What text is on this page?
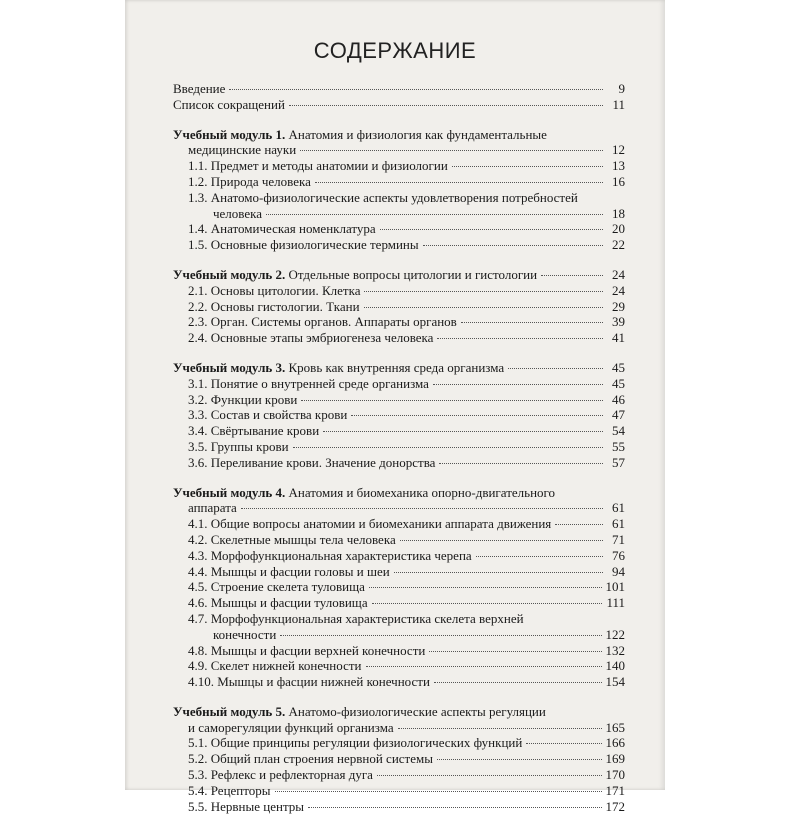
СОДЕРЖАНИЕ
Введение	9
Список сокращений	11
Учебный модуль 1. Анатомия и физиология как фундаментальные
медицинские науки	12
1.1. Предмет и методы анатомии и физиологии	13
1.2. Природа человека	16
1.3. Анатомо-физиологические аспекты удовлетворения потребностей
человека	18
1.4. Анатомическая номенклатура	20
1.5. Основные физиологические термины	22
Учебный модуль 2. Отдельные вопросы цитологии и гистологии	24
2.1. Основы цитологии. Клетка	24
2.2. Основы гистологии. Ткани	29
2.3. Орган. Системы органов. Аппараты органов	39
2.4. Основные этапы эмбриогенеза человека	41
Учебный модуль 3. Кровь как внутренняя среда организма	45
3.1. Понятие о внутренней среде организма	45
3.2. Функции крови	46
3.3. Состав и свойства крови	47
3.4. Свёртывание крови	54
3.5. Группы крови	55
3.6. Переливание крови. Значение донорства	57
Учебный модуль 4. Анатомия и биомеханика опорно-двигательного
аппарата	61
4.1. Общие вопросы анатомии и биомеханики аппарата движения	61
4.2. Скелетные мышцы тела человека	71
4.3. Морфофункциональная характеристика черепа	76
4.4. Мышцы и фасции головы и шеи	94
4.5. Строение скелета туловища	101
4.6. Мышцы и фасции туловища	111
4.7. Морфофункциональная характеристика скелета верхней
конечности	122
4.8. Мышцы и фасции верхней конечности	132
4.9. Скелет нижней конечности	140
4.10. Мышцы и фасции нижней конечности	154
Учебный модуль 5. Анатомо-физиологические аспекты регуляции
и саморегуляции функций организма	165
5.1. Общие принципы регуляции физиологических функций	166
5.2. Общий план строения нервной системы	169
5.3. Рефлекс и рефлекторная дуга	170
5.4. Рецепторы	171
5.5. Нервные центры	172
